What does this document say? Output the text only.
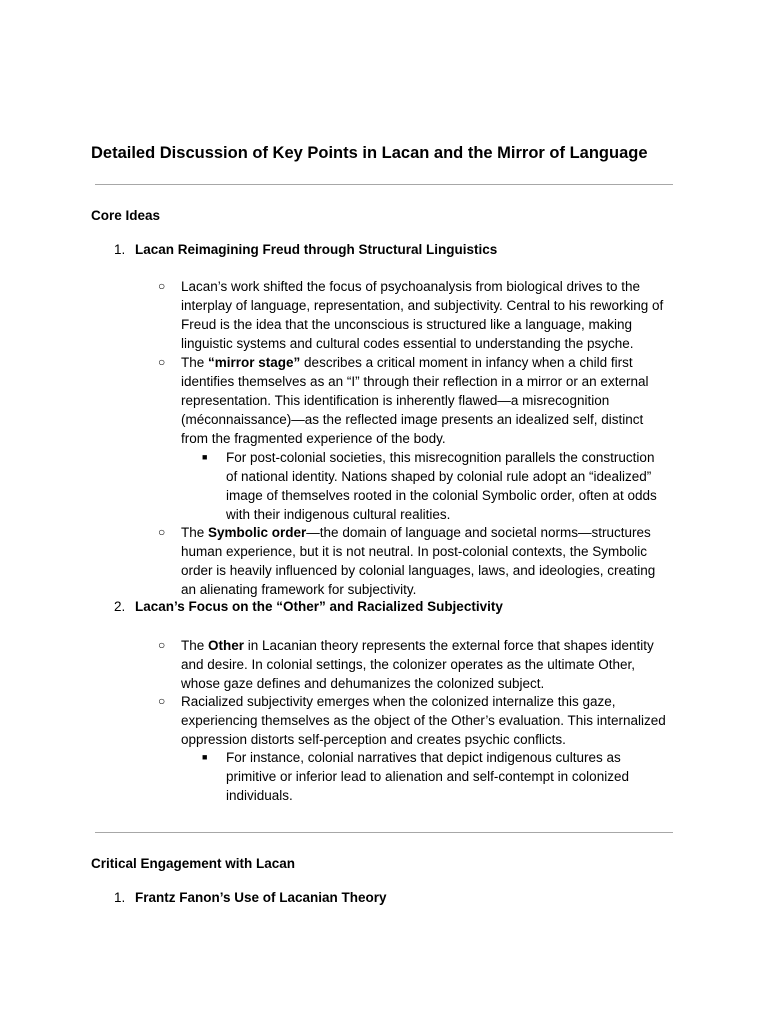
Detailed Discussion of Key Points in Lacan and the Mirror of Language
Core Ideas
1. Lacan Reimagining Freud through Structural Linguistics
○ Lacan’s work shifted the focus of psychoanalysis from biological drives to the
interplay of language, representation, and subjectivity. Central to his reworking of
Freud is the idea that the unconscious is structured like a language, making
linguistic systems and cultural codes essential to understanding the psyche.
○ The “mirror stage” describes a critical moment in infancy when a child first
identifies themselves as an “I” through their reflection in a mirror or an external
representation. This identification is inherently flawed—a misrecognition
(méconnaissance)—as the reflected image presents an idealized self, distinct
from the fragmented experience of the body.
■ For post-colonial societies, this misrecognition parallels the construction
of national identity. Nations shaped by colonial rule adopt an “idealized”
image of themselves rooted in the colonial Symbolic order, often at odds
with their indigenous cultural realities.
○ The Symbolic order—the domain of language and societal norms—structures
human experience, but it is not neutral. In post-colonial contexts, the Symbolic
order is heavily influenced by colonial languages, laws, and ideologies, creating
an alienating framework for subjectivity.
2. Lacan’s Focus on the “Other” and Racialized Subjectivity
○ The Other in Lacanian theory represents the external force that shapes identity
and desire. In colonial settings, the colonizer operates as the ultimate Other,
whose gaze defines and dehumanizes the colonized subject.
○ Racialized subjectivity emerges when the colonized internalize this gaze,
experiencing themselves as the object of the Other’s evaluation. This internalized
oppression distorts self-perception and creates psychic conflicts.
■ For instance, colonial narratives that depict indigenous cultures as
primitive or inferior lead to alienation and self-contempt in colonized
individuals.
Critical Engagement with Lacan
1. Frantz Fanon’s Use of Lacanian Theory
